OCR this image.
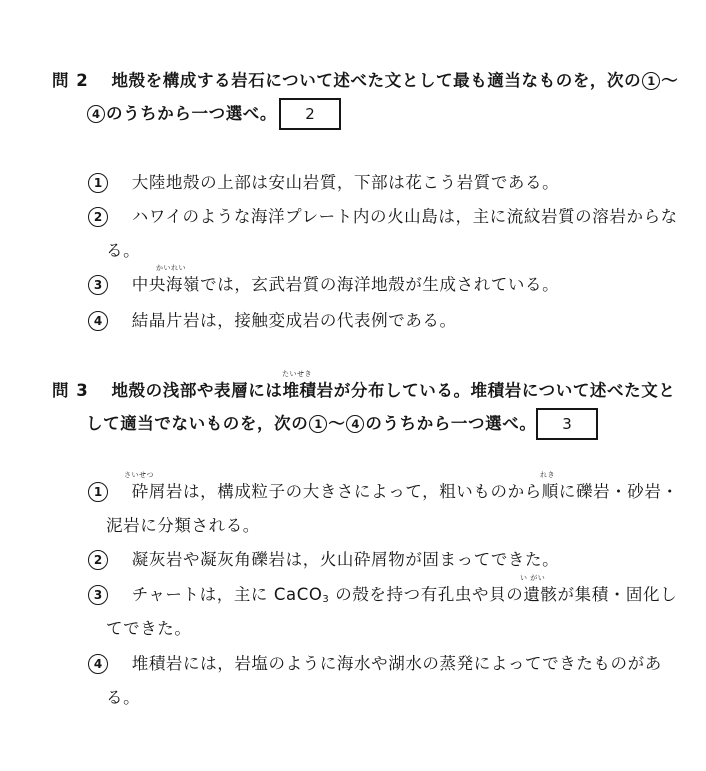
問 2 地殻を構成する岩石について述べた文として最も適当なものを，次の 1 〜
4 のうちから一つ選べ。	2
1 大陸地殻の上部は安山岩質，下部は花こう岩質である。
2 ハワイのような海洋プレート内の火山島は，主に流紋岩質の溶岩からな
る。
かいれい
3 中央海嶺では，玄武岩質の海洋地殻が生成されている。
4 結晶片岩は，接触変成岩の代表例である。
たいせき
問 3 地殻の浅部や表層には堆積岩が分布している。堆積岩について述べた文と
して適当でないものを，次の 1 〜 4 のうちから一つ選べ。	3
さいせつ	れき
1 砕屑岩は，構成粒子の大きさによって，粗いものから順に礫岩・砂岩・
泥岩に分類される。
2 凝灰岩や凝灰角礫岩は，火山砕屑物が固まってできた。
い がい
3 チャートは，主に CaCO$_3$ の殻を持つ有孔虫や貝の遺骸が集積・固化し
てできた。
4 堆積岩には，岩塩のように海水や湖水の蒸発によってできたものがあ
る。
